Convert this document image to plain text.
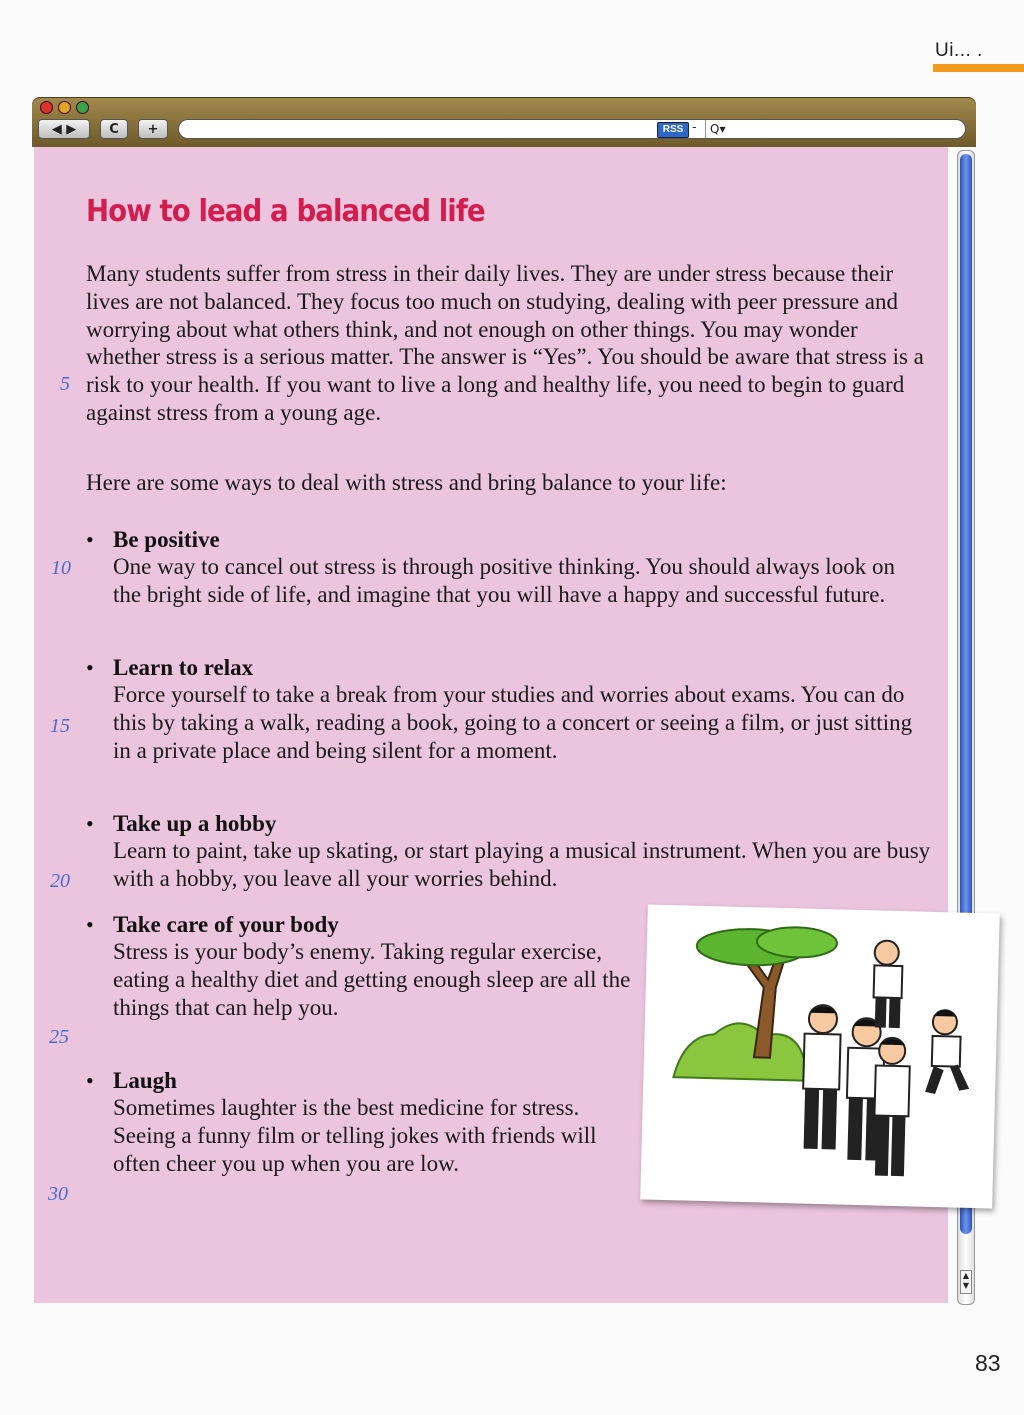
Ui... .
◀ ▶	C	+	RSS -	Q▾
▲
▼
How to lead a balanced life

Many students suffer from stress in their daily lives. They are under stress because their lives are not balanced. They focus too much on studying, dealing with peer pressure and worrying about what others think, and not enough on other things. You may wonder whether stress is a serious matter. The answer is “Yes”. You should be aware that stress is a risk to your health. If you want to live a long and healthy life, you need to begin to guard against stress from a young age.

Here are some ways to deal with stress and bring balance to your life:

5
10
15
20
25
30
• Be positive

One way to cancel out stress is through positive thinking. You should always look on the bright side of life, and imagine that you will have a happy and successful future.

• Learn to relax

Force yourself to take a break from your studies and worries about exams. You can do this by taking a walk, reading a book, going to a concert or seeing a film, or just sitting in a private place and being silent for a moment.

• Take up a hobby

Learn to paint, take up skating, or start playing a musical instrument. When you are busy with a hobby, you leave all your worries behind.

• Take care of your body

Stress is your body’s enemy. Taking regular exercise, eating a healthy diet and getting enough sleep are all the things that can help you.

• Laugh

Sometimes laughter is the best medicine for stress. Seeing a funny film or telling jokes with friends will often cheer you up when you are low.

83
